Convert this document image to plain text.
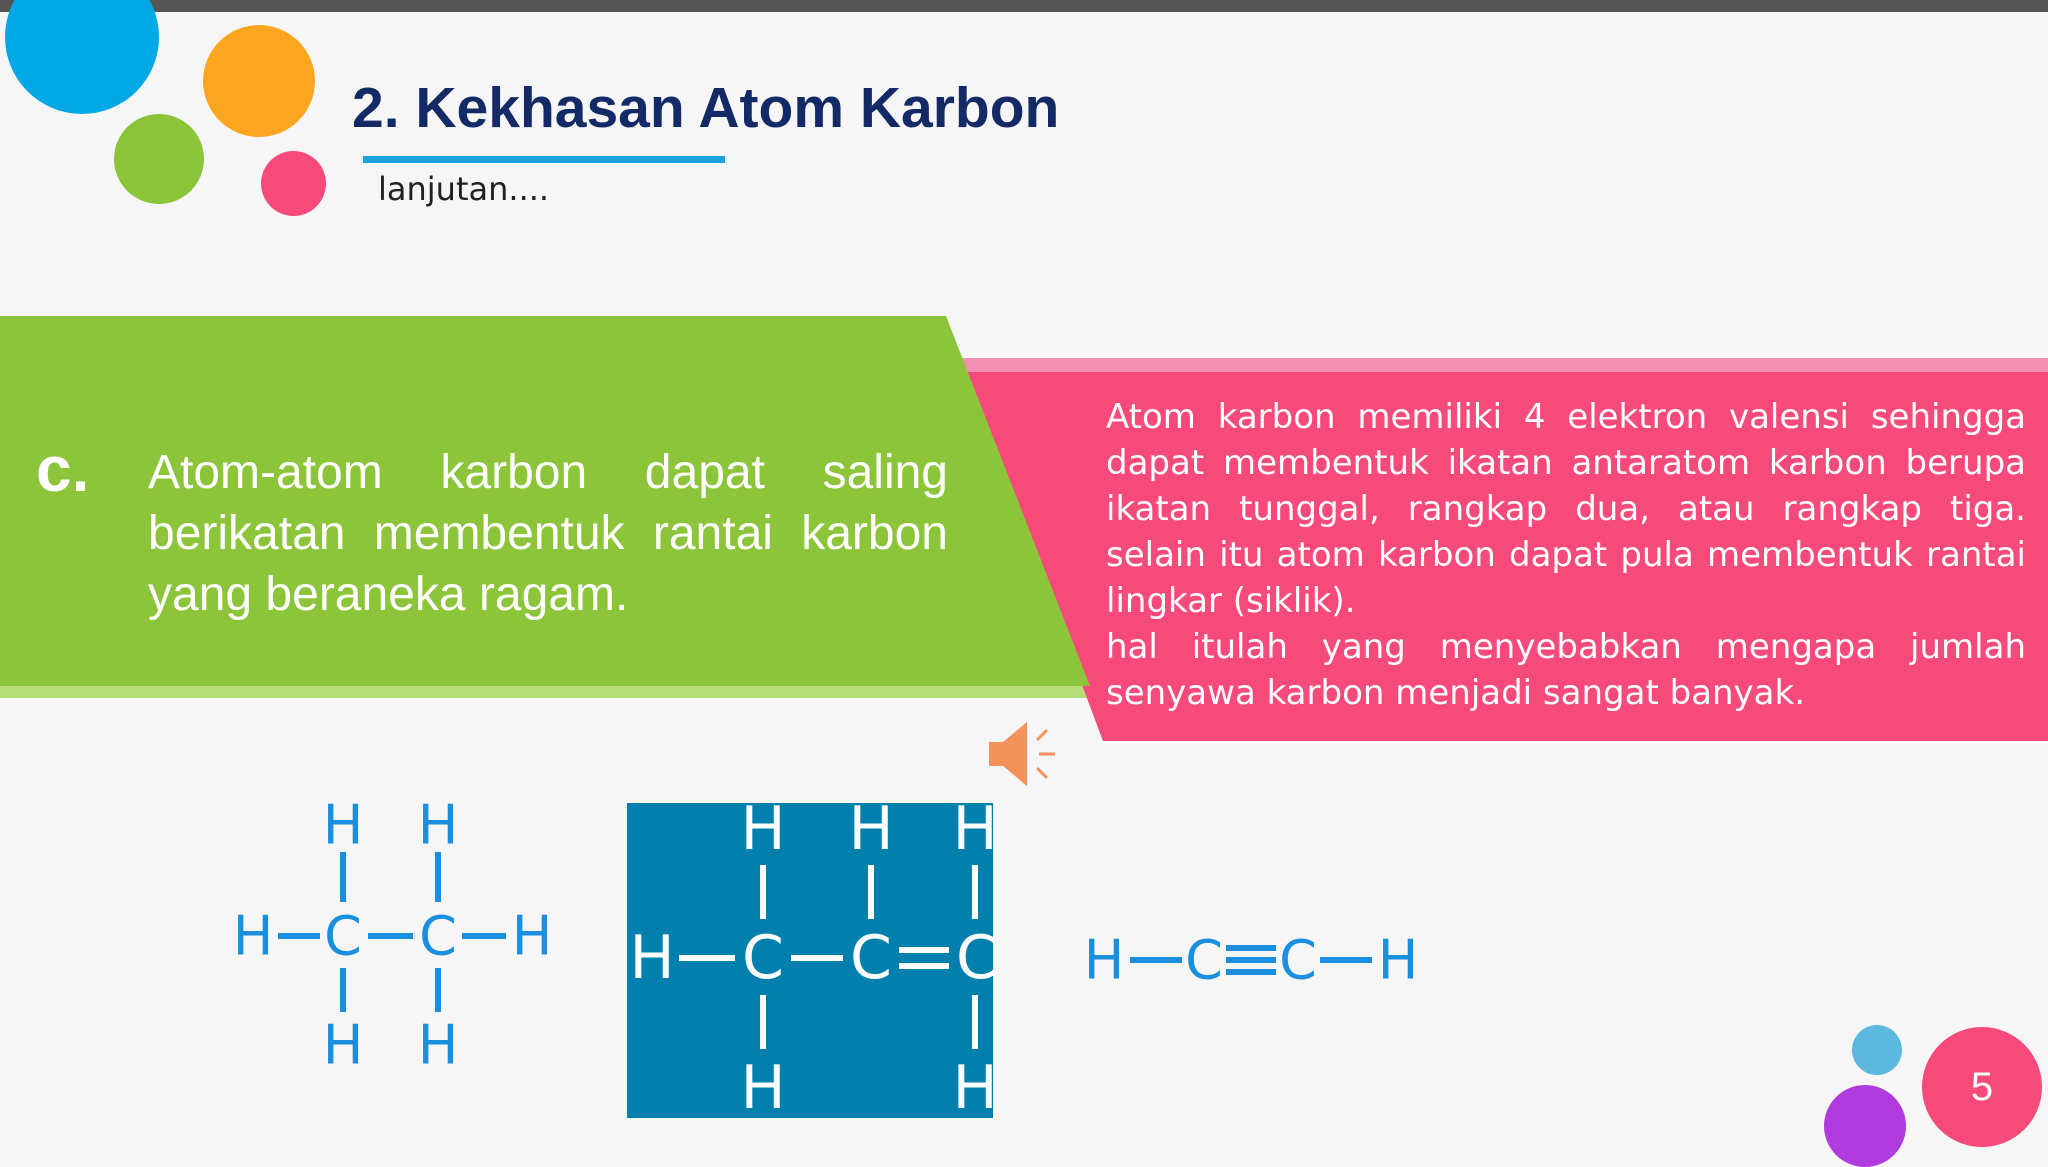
2. Kekhasan Atom Karbon
lanjutan....
c. Atom-atom karbon dapat saling berikatan membentuk rantai karbon yang beraneka ragam.

Atom karbon memiliki 4 elektron valensi sehingga dapat membentuk ikatan antaratom karbon berupa ikatan tunggal, rangkap dua, atau rangkap tiga. selain itu atom karbon dapat pula membentuk rantai lingkar (siklik).

hal itulah yang menyebabkan mengapa jumlah senyawa karbon menjadi sangat banyak.

H H
H C C H
H H
H H H
H C C C
H	H
H C C H
5
